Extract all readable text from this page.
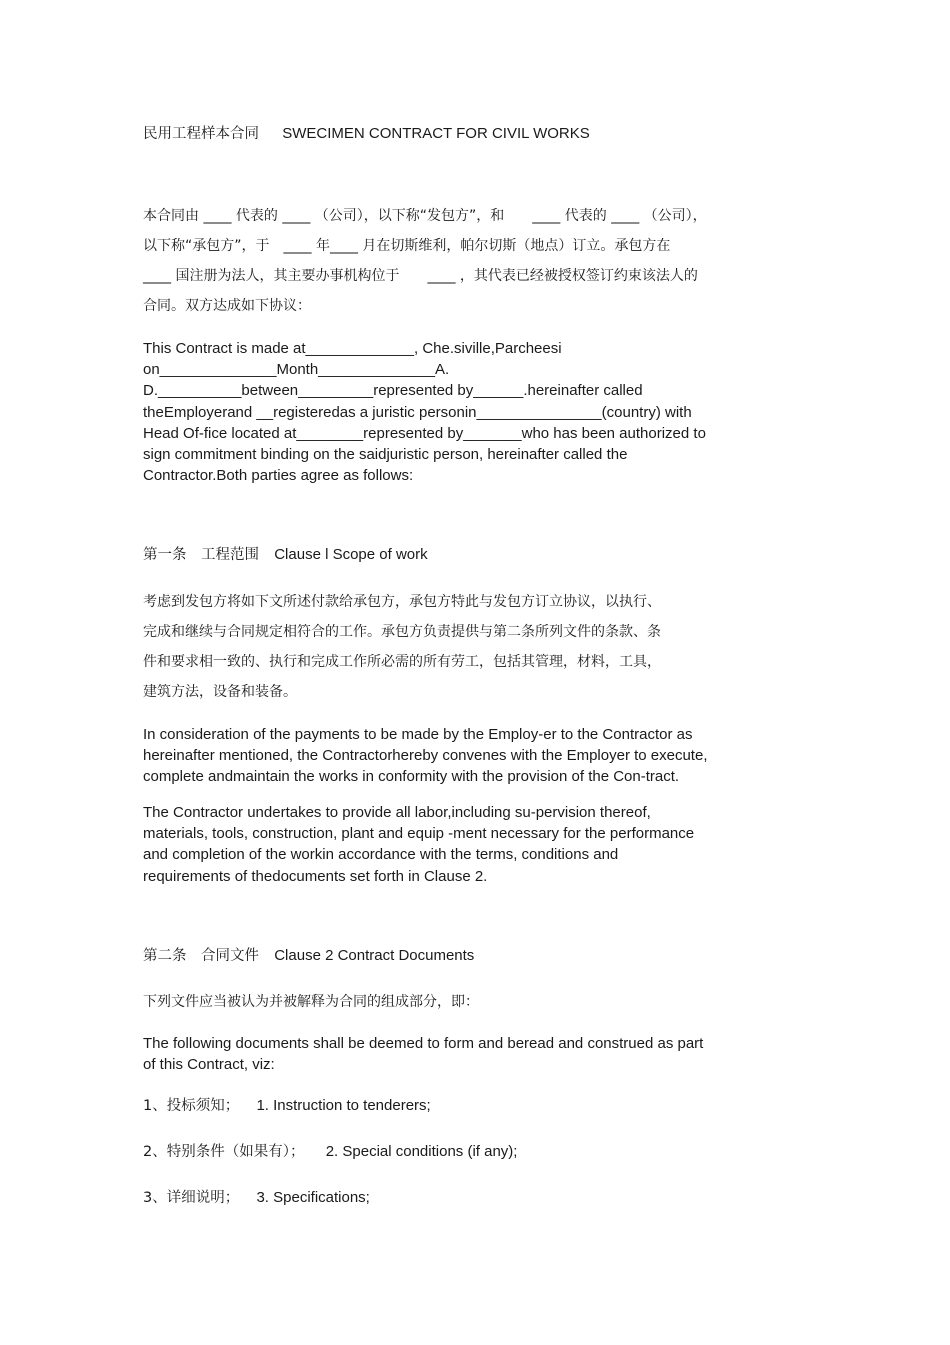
民用工程样本合同 SWECIMEN CONTRACT FOR CIVIL WORKS
本合同由 ____ 代表的 ____ （公司），以下称“发包方”，和　　____ 代表的 ____ （公司），
以下称“承包方”，于　____ 年____ 月在切斯维利，帕尔切斯（地点）订立。承包方在
____ 国注册为法人，其主要办事机构位于　　____ ，其代表已经被授权签订约束该法人的
合同。双方达成如下协议：
This Contract is made at_____________, Che.siville,Parcheesi
on______________Month______________A.
D.__________between_________represented by______.hereinafter called
theEmployerand __registeredas a juristic personin_______________(country) with
Head Of-fice located at________represented by_______who has been authorized to
sign commitment binding on the saidjuristic person, hereinafter called the
Contractor.Both parties agree as follows:
第一条　工程范围 Clause l Scope of work
考虑到发包方将如下文所述付款给承包方，承包方特此与发包方订立协议，以执行、
完成和继续与合同规定相符合的工作。承包方负责提供与第二条所列文件的条款、条
件和要求相一致的、执行和完成工作所必需的所有劳工，包括其管理，材料，工具，
建筑方法，设备和装备。
In consideration of the payments to be made by the Employ-er to the Contractor as
hereinafter mentioned, the Contractorhereby convenes with the Employer to execute,
complete andmaintain the works in conformity with the provision of the Con-tract.
The Contractor undertakes to provide all labor,including su-pervision thereof,
materials, tools, construction, plant and equip -ment necessary for the performance
and completion of the workin accordance with the terms, conditions and
requirements of thedocuments set forth in Clause 2.
第二条　合同文件 Clause 2 Contract Documents
下列文件应当被认为并被解释为合同的组成部分，即：
The following documents shall be deemed to form and beread and construed as part
of this Contract, viz:
1、投标须知； 1. Instruction to tenderers;
2、特别条件（如果有）； 2. Special conditions (if any);
3、详细说明； 3. Specifications;
